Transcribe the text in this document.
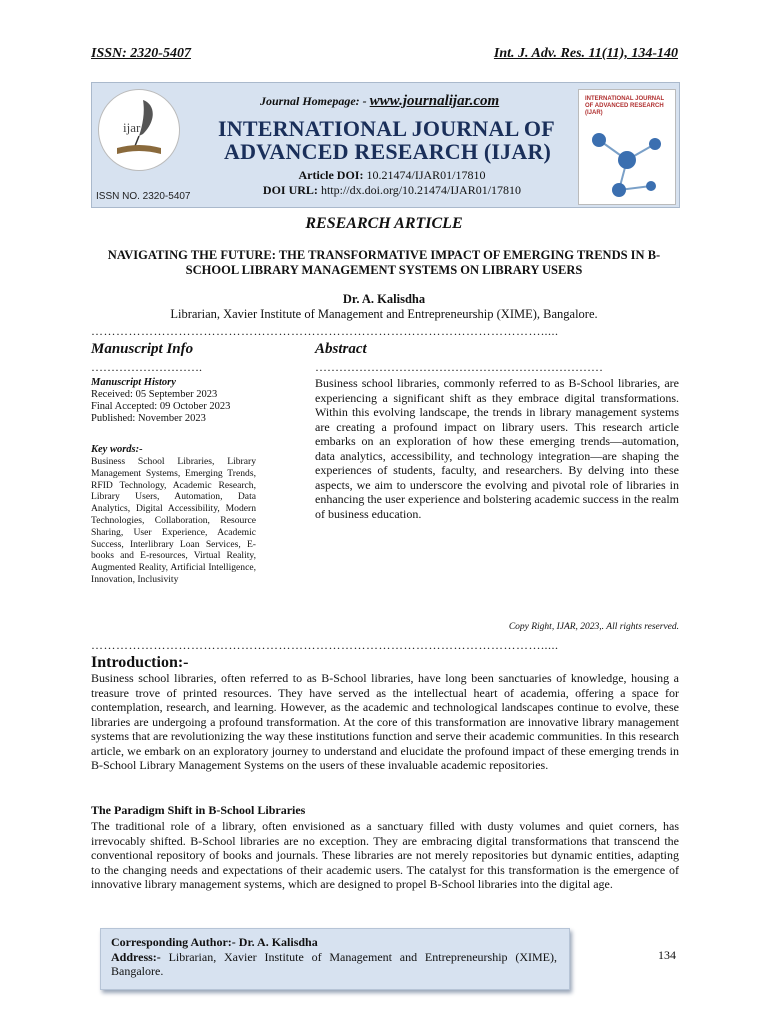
ISSN: 2320-5407	Int. J. Adv. Res. 11(11), 134-140
ijar
ISSN NO. 2320-5407
Journal Homepage: - www.journalijar.com
INTERNATIONAL JOURNAL OF
ADVANCED RESEARCH (IJAR)
Article DOI: 10.21474/IJAR01/17810
DOI URL: http://dx.doi.org/10.21474/IJAR01/17810
INTERNATIONAL JOURNAL OF ADVANCED RESEARCH (IJAR)
RESEARCH ARTICLE
NAVIGATING THE FUTURE: THE TRANSFORMATIVE IMPACT OF EMERGING TRENDS IN B-SCHOOL LIBRARY MANAGEMENT SYSTEMS ON LIBRARY USERS
Dr. A. Kalisdha
Librarian, Xavier Institute of Management and Entrepreneurship (XIME), Bangalore.
……………………………………………………………………………………………….....
Manuscript Info
……………………….
Manuscript History
Received: 05 September 2023
Final Accepted: 09 October 2023
Published: November 2023
Key words:-
Business School Libraries, Library Management Systems, Emerging Trends, RFID Technology, Academic Research, Library Users, Automation, Data Analytics, Digital Accessibility, Modern Technologies, Collaboration, Resource Sharing, User Experience, Academic Success, Interlibrary Loan Services, E-books and E-resources, Virtual Reality, Augmented Reality, Artificial Intelligence, Innovation, Inclusivity
Abstract
………………………………………………………………
Business school libraries, commonly referred to as B-School libraries, are experiencing a significant shift as they embrace digital transformations. Within this evolving landscape, the trends in library management systems are creating a profound impact on library users. This research article embarks on an exploration of how these emerging trends—automation, data analytics, accessibility, and technology integration—are shaping the experiences of students, faculty, and researchers. By delving into these aspects, we aim to underscore the evolving and pivotal role of libraries in enhancing the user experience and bolstering academic success in the realm of business education.
Copy Right, IJAR, 2023,. All rights reserved.
……………………………………………………………………………………………….....
Introduction:-
Business school libraries, often referred to as B-School libraries, have long been sanctuaries of knowledge, housing a treasure trove of printed resources. They have served as the intellectual heart of academia, offering a space for contemplation, research, and learning. However, as the academic and technological landscapes continue to evolve, these libraries are undergoing a profound transformation. At the core of this transformation are innovative library management systems that are revolutionizing the way these institutions function and serve their academic communities. In this research article, we embark on an exploratory journey to understand and elucidate the profound impact of these emerging trends in B-School Library Management Systems on the users of these invaluable academic repositories.
The Paradigm Shift in B-School Libraries
The traditional role of a library, often envisioned as a sanctuary filled with dusty volumes and quiet corners, has irrevocably shifted. B-School libraries are no exception. They are embracing digital transformations that transcend the conventional repository of books and journals. These libraries are not merely repositories but dynamic entities, adapting to the changing needs and expectations of their academic users. The catalyst for this transformation is the emergence of innovative library management systems, which are designed to propel B-School libraries into the digital age.
Corresponding Author:- Dr. A. Kalisdha
Address:- Librarian, Xavier Institute of Management and Entrepreneurship (XIME), Bangalore.
134
